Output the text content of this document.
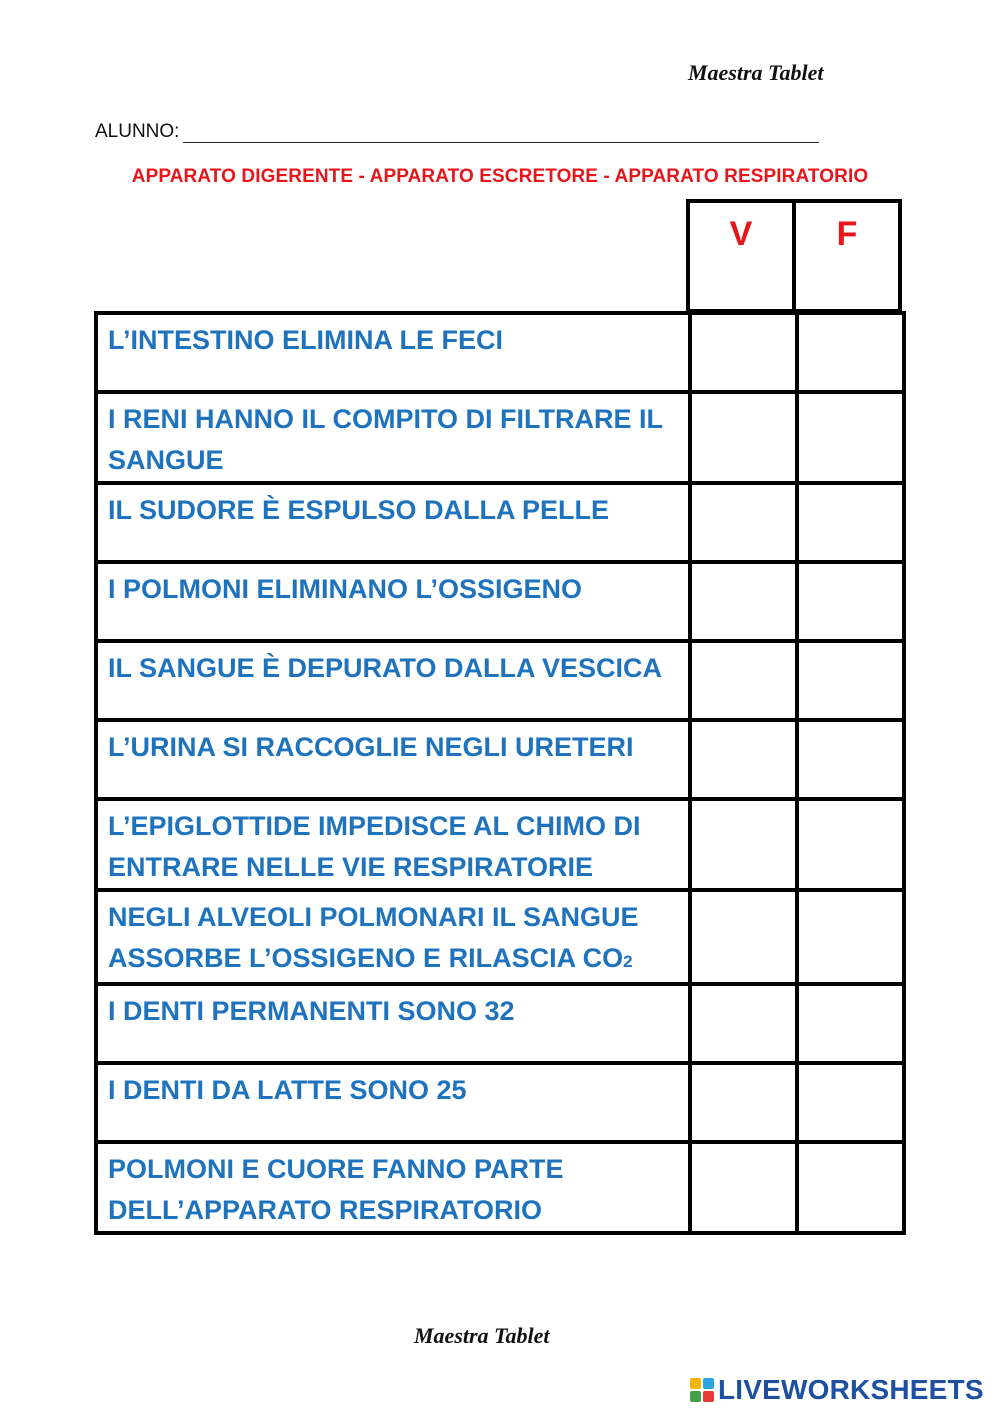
Maestra Tablet
ALUNNO:
APPARATO DIGERENTE - APPARATO ESCRETORE - APPARATO RESPIRATORIO
V	F
L’INTESTINO ELIMINA LE FECI		
I RENI HANNO IL COMPITO DI FILTRARE IL SANGUE		
IL SUDORE È ESPULSO DALLA PELLE		
I POLMONI ELIMINANO L’OSSIGENO		
IL SANGUE È DEPURATO DALLA VESCICA		
L’URINA SI RACCOGLIE NEGLI URETERI		
L’EPIGLOTTIDE IMPEDISCE AL CHIMO DI ENTRARE NELLE VIE RESPIRATORIE		
NEGLI ALVEOLI POLMONARI IL SANGUE ASSORBE L’OSSIGENO E RILASCIA CO2		
I DENTI PERMANENTI SONO 32		
I DENTI DA LATTE SONO 25		
POLMONI E CUORE FANNO PARTE DELL’APPARATO RESPIRATORIO		
Maestra Tablet
LIVEWORKSHEETS
